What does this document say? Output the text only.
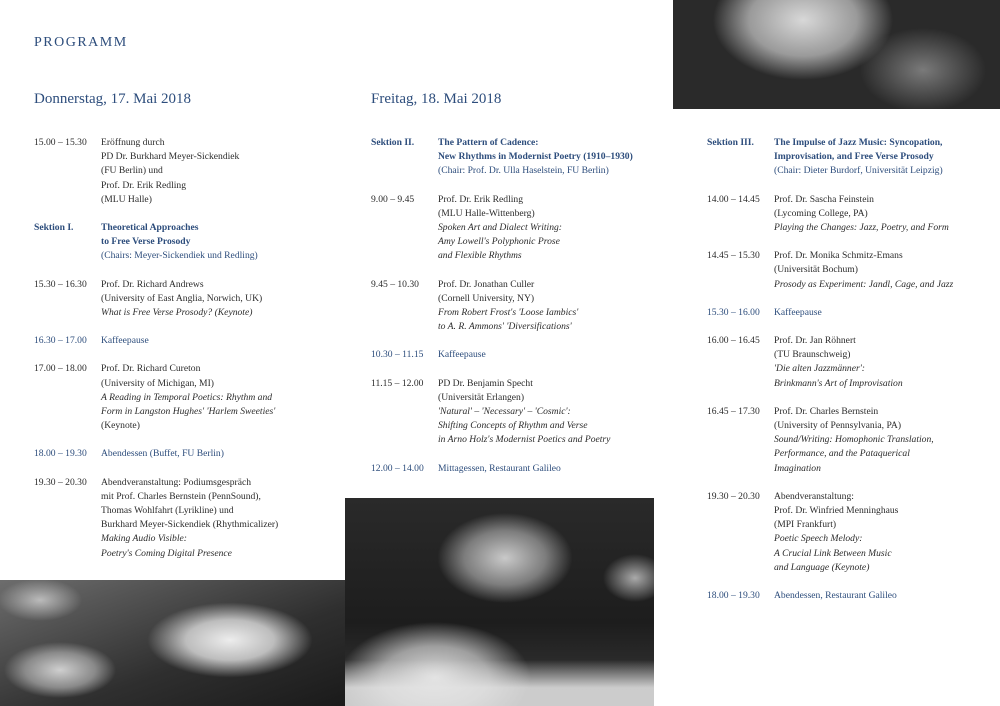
PROGRAMM
Donnerstag, 17. Mai 2018	Freitag, 18. Mai 2018
15.00 – 15.30	Eröffnung durch
PD Dr. Burkhard Meyer-Sickendiek
(FU Berlin) und
Prof. Dr. Erik Redling
(MLU Halle)
Sektion I.	Theoretical Approaches
to Free Verse Prosody
(Chairs: Meyer-Sickendiek und Redling)
15.30 – 16.30	Prof. Dr. Richard Andrews
(University of East Anglia, Norwich, UK)
What is Free Verse Prosody? (Keynote)
16.30 – 17.00	Kaffeepause
17.00 – 18.00	Prof. Dr. Richard Cureton
(University of Michigan, MI)
A Reading in Temporal Poetics: Rhythm and
Form in Langston Hughes' 'Harlem Sweeties'
(Keynote)
18.00 – 19.30	Abendessen (Buffet, FU Berlin)
19.30 – 20.30	Abendveranstaltung: Podiumsgespräch
mit Prof. Charles Bernstein (PennSound),
Thomas Wohlfahrt (Lyrikline) und
Burkhard Meyer-Sickendiek (Rhythmicalizer)
Making Audio Visible:
Poetry's Coming Digital Presence
Sektion II.	The Pattern of Cadence:
New Rhythms in Modernist Poetry (1910–1930)
(Chair: Prof. Dr. Ulla Haselstein, FU Berlin)
9.00 – 9.45	Prof. Dr. Erik Redling
(MLU Halle-Wittenberg)
Spoken Art and Dialect Writing:
Amy Lowell's Polyphonic Prose
and Flexible Rhythms
9.45 – 10.30	Prof. Dr. Jonathan Culler
(Cornell University, NY)
From Robert Frost's 'Loose Iambics'
to A. R. Ammons' 'Diversifications'
10.30 – 11.15	Kaffeepause
11.15 – 12.00	PD Dr. Benjamin Specht
(Universität Erlangen)
'Natural' – 'Necessary' – 'Cosmic':
Shifting Concepts of Rhythm and Verse
in Arno Holz's Modernist Poetics and Poetry
12.00 – 14.00	Mittagessen, Restaurant Galileo
Sektion III.	The Impulse of Jazz Music: Syncopation,
Improvisation, and Free Verse Prosody
(Chair: Dieter Burdorf, Universität Leipzig)
14.00 – 14.45	Prof. Dr. Sascha Feinstein
(Lycoming College, PA)
Playing the Changes: Jazz, Poetry, and Form
14.45 – 15.30	Prof. Dr. Monika Schmitz-Emans
(Universität Bochum)
Prosody as Experiment: Jandl, Cage, and Jazz
15.30 – 16.00	Kaffeepause
16.00 – 16.45	Prof. Dr. Jan Röhnert
(TU Braunschweig)
'Die alten Jazzmänner':
Brinkmann's Art of Improvisation
16.45 – 17.30	Prof. Dr. Charles Bernstein
(University of Pennsylvania, PA)
Sound/Writing: Homophonic Translation,
Performance, and the Pataquerical
Imagination
19.30 – 20.30	Abendveranstaltung:
Prof. Dr. Winfried Menninghaus
(MPI Frankfurt)
Poetic Speech Melody:
A Crucial Link Between Music
and Language (Keynote)
18.00 – 19.30	Abendessen, Restaurant Galileo
